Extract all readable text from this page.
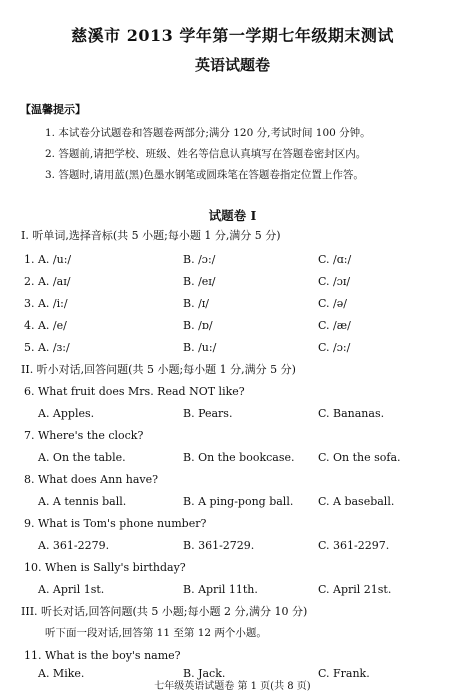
慈溪市 2013 学年第一学期七年级期末测试
英语试题卷
【温馨提示】
1. 本试卷分试题卷和答题卷两部分;满分 120 分,考试时间 100 分钟。
2. 答题前,请把学校、班级、姓名等信息认真填写在答题卷密封区内。
3. 答题时,请用蓝(黑)色墨水钢笔或圆珠笔在答题卷指定位置上作答。
试题卷 I
I. 听单词,选择音标(共 5 小题;每小题 1 分,满分 5 分)
1. A. /u:/	B. /ɔ:/	C. /ɑ:/
2. A. /aɪ/	B. /eɪ/	C. /ɔɪ/
3. A. /i:/	B. /ɪ/	C. /ə/
4. A. /e/	B. /ɒ/	C. /æ/
5. A. /ɜ:/	B. /u:/	C. /ɔ:/
II. 听小对话,回答问题(共 5 小题;每小题 1 分,满分 5 分)
6. What fruit does Mrs. Read NOT like?
A. Apples.	B. Pears.	C. Bananas.
7. Where's the clock?
A. On the table.	B. On the bookcase. C. On the sofa.
8. What does Ann have?
A. A tennis ball.	B. A ping-pong ball. C. A baseball.
9. What is Tom's phone number?
A. 361-2279.	B. 361-2729.	C. 361-2297.
10. When is Sally's birthday?
A. April 1st.	B. April 11th.	C. April 21st.
III. 听长对话,回答问题(共 5 小题;每小题 2 分,满分 10 分)
听下面一段对话,回答第 11 至第 12 两个小题。
11. What is the boy's name?
A. Mike.	B. Jack.	C. Frank.
七年级英语试题卷 第 1 页(共 8 页)
